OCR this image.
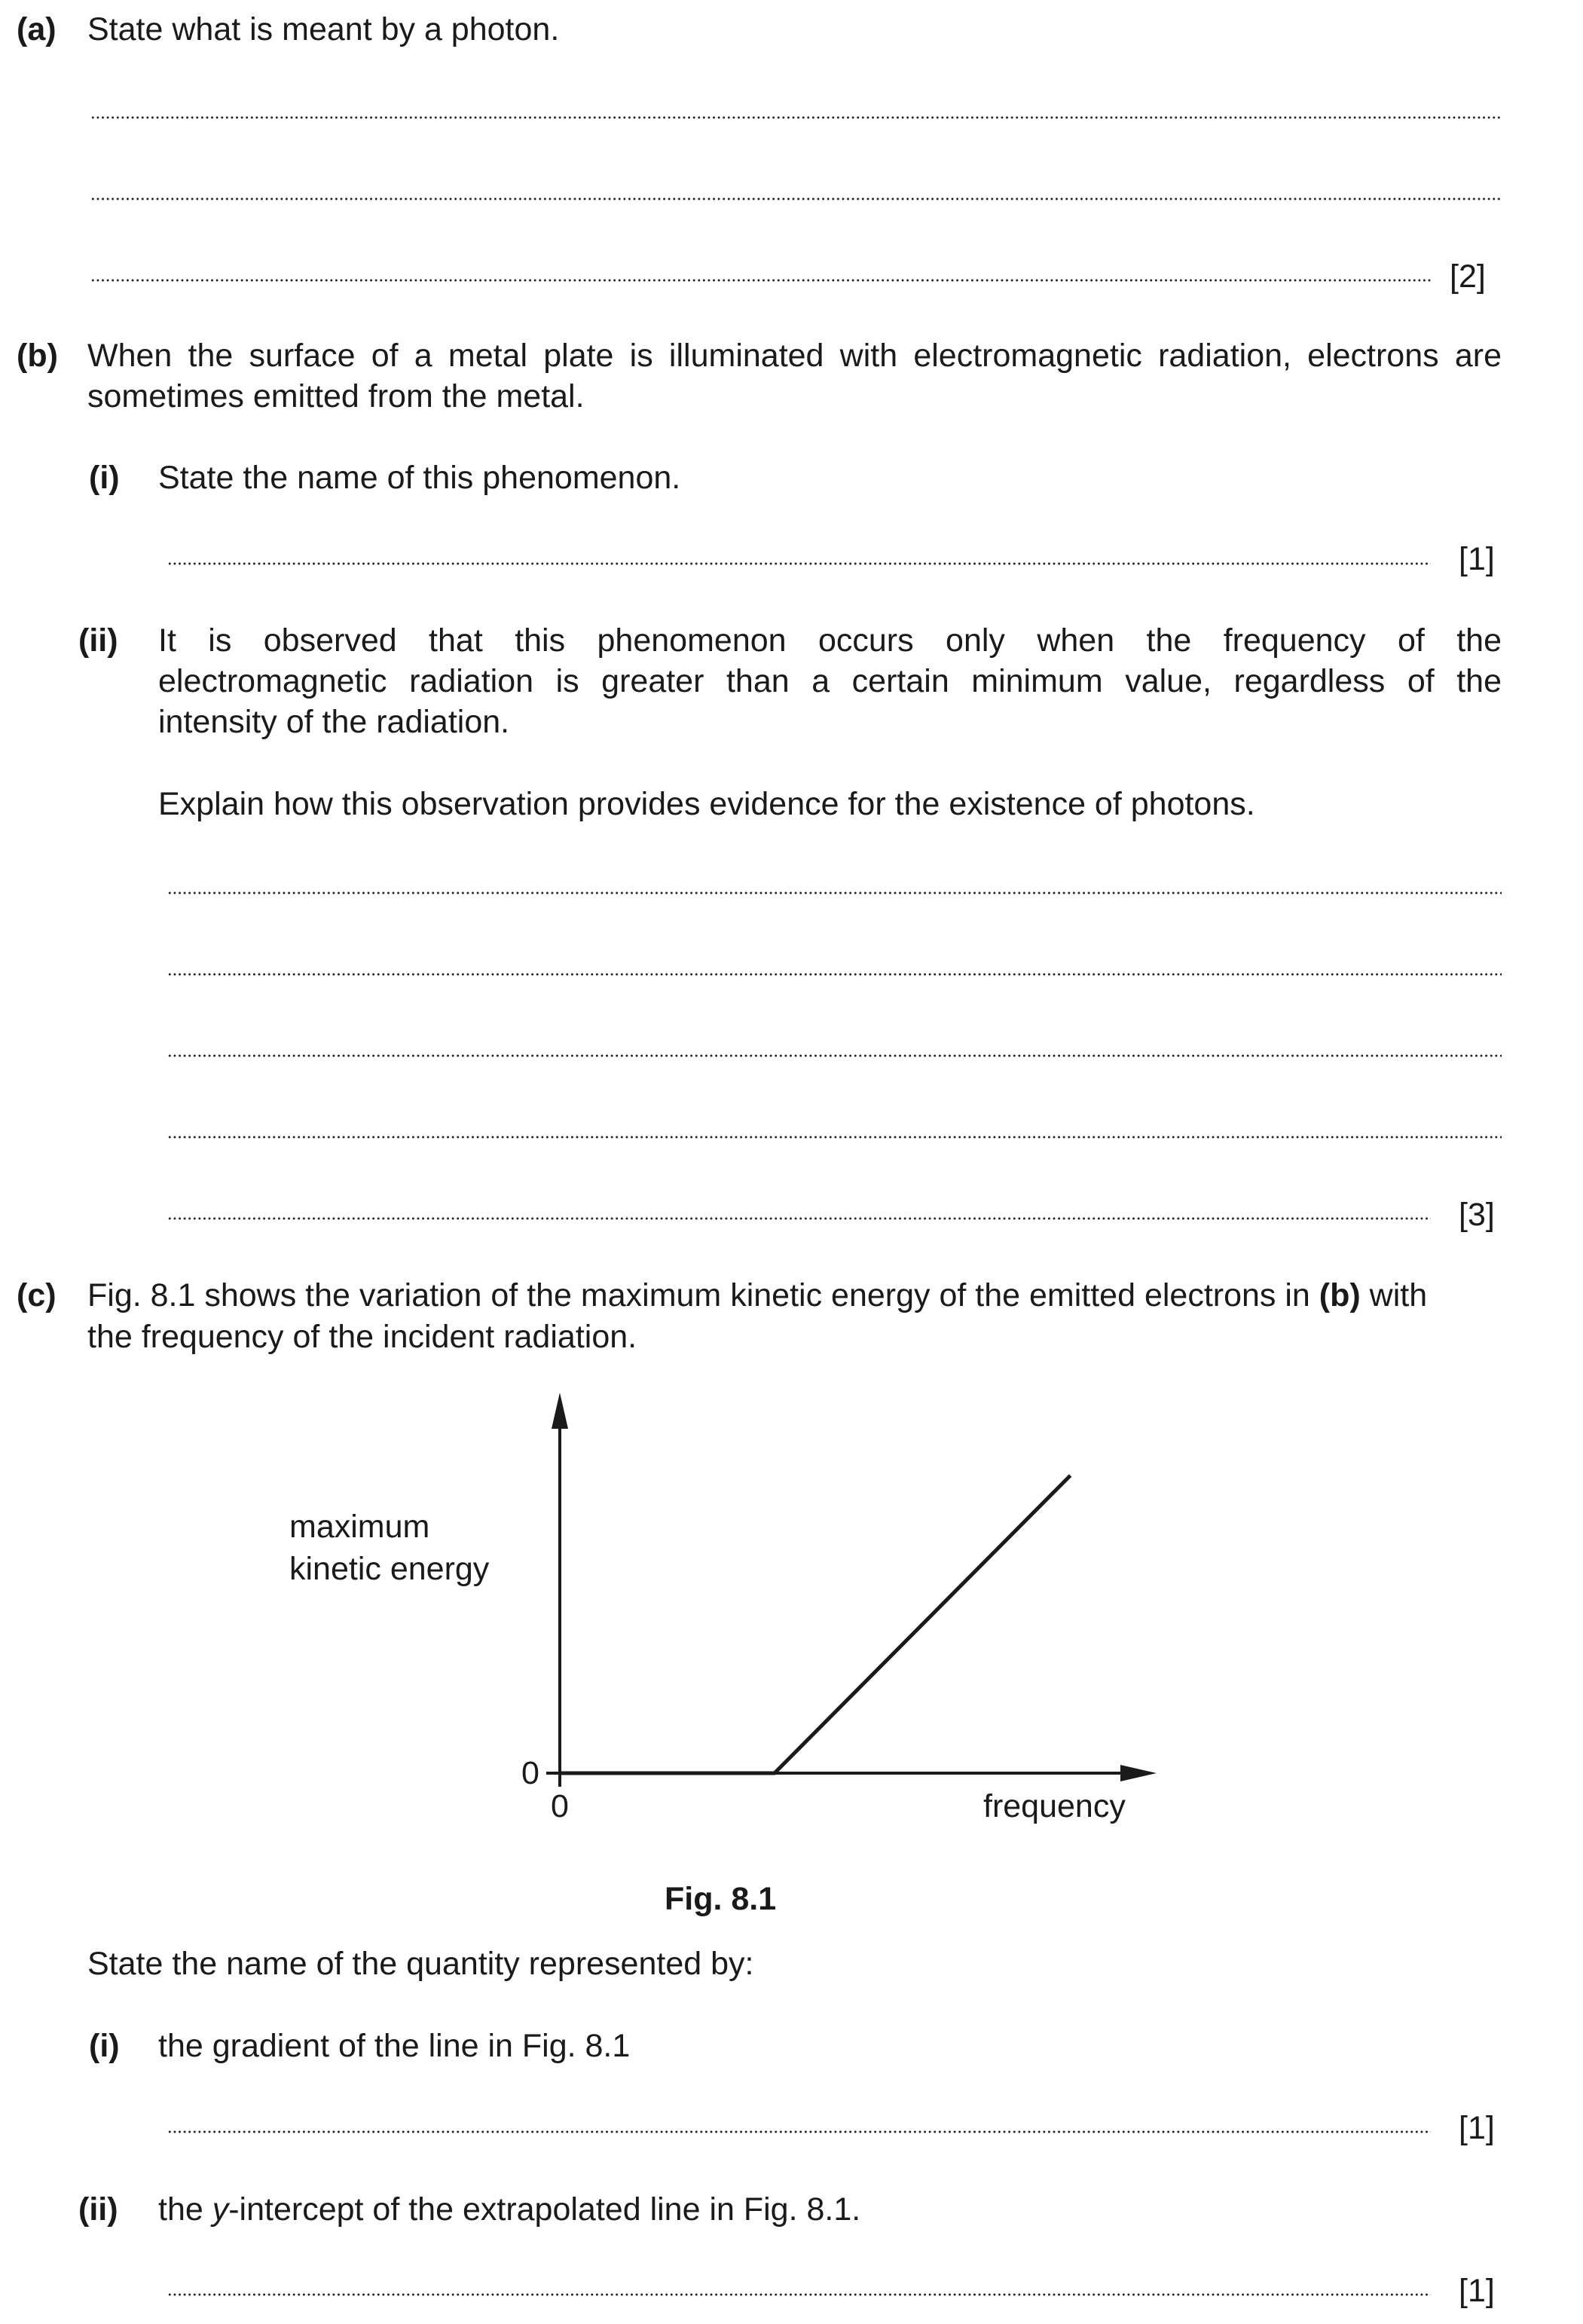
(a) State what is meant by a photon.
[2]
(b) When the surface of a metal plate is illuminated with electromagnetic radiation, electrons are
sometimes emitted from the metal.
(i) State the name of this phenomenon.
[1]
(ii) It is observed that this phenomenon occurs only when the frequency of the
electromagnetic radiation is greater than a certain minimum value, regardless of the
intensity of the radiation.
Explain how this observation provides evidence for the existence of photons.
[3]
(c) Fig. 8.1 shows the variation of the maximum kinetic energy of the emitted electrons in (b) with
the frequency of the incident radiation.
maximum
kinetic energy
0
0	frequency
Fig. 8.1
State the name of the quantity represented by:
(i) the gradient of the line in Fig. 8.1
[1]
(ii) the y-intercept of the extrapolated line in Fig. 8.1.
[1]
